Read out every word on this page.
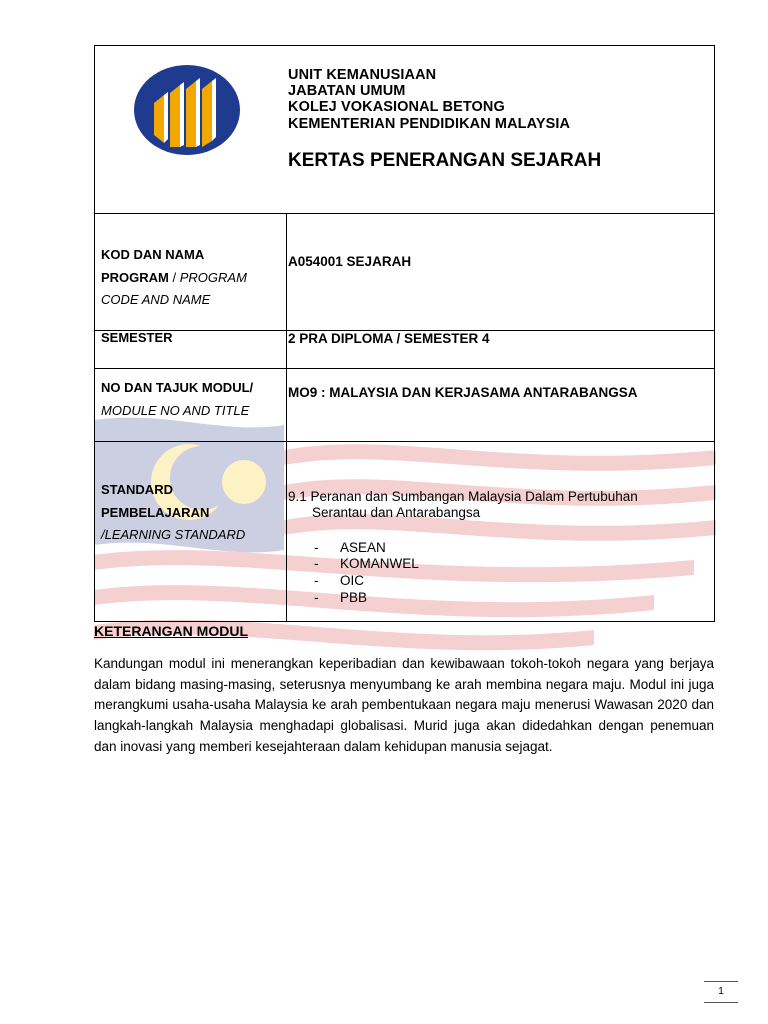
UNIT KEMANUSIAAN
JABATAN UMUM
KOLEJ VOKASIONAL BETONG
KEMENTERIAN PENDIDIKAN MALAYSIA
KERTAS PENERANGAN SEJARAH
KOD DAN NAMA
PROGRAM / PROGRAM
CODE AND NAME
A054001 SEJARAH
SEMESTER	2 PRA DIPLOMA / SEMESTER 4
NO DAN TAJUK MODUL/
MODULE NO AND TITLE
MO9 : MALAYSIA DAN KERJASAMA ANTARABANGSA
STANDARD
PEMBELAJARAN
/LEARNING STANDARD
9.1 Peranan dan Sumbangan Malaysia Dalam Pertubuhan
Serantau dan Antarabangsa
- ASEAN
- KOMANWEL
- OIC
- PBB
KETERANGAN MODUL
Kandungan modul ini menerangkan keperibadian dan kewibawaan tokoh-tokoh negara yang berjaya dalam bidang masing-masing, seterusnya menyumbang ke arah membina negara maju. Modul ini juga merangkumi usaha-usaha Malaysia ke arah pembentukaan negara maju menerusi Wawasan 2020 dan langkah-langkah Malaysia menghadapi globalisasi. Murid juga akan didedahkan dengan penemuan dan inovasi yang memberi kesejahteraan dalam kehidupan manusia sejagat.
1
